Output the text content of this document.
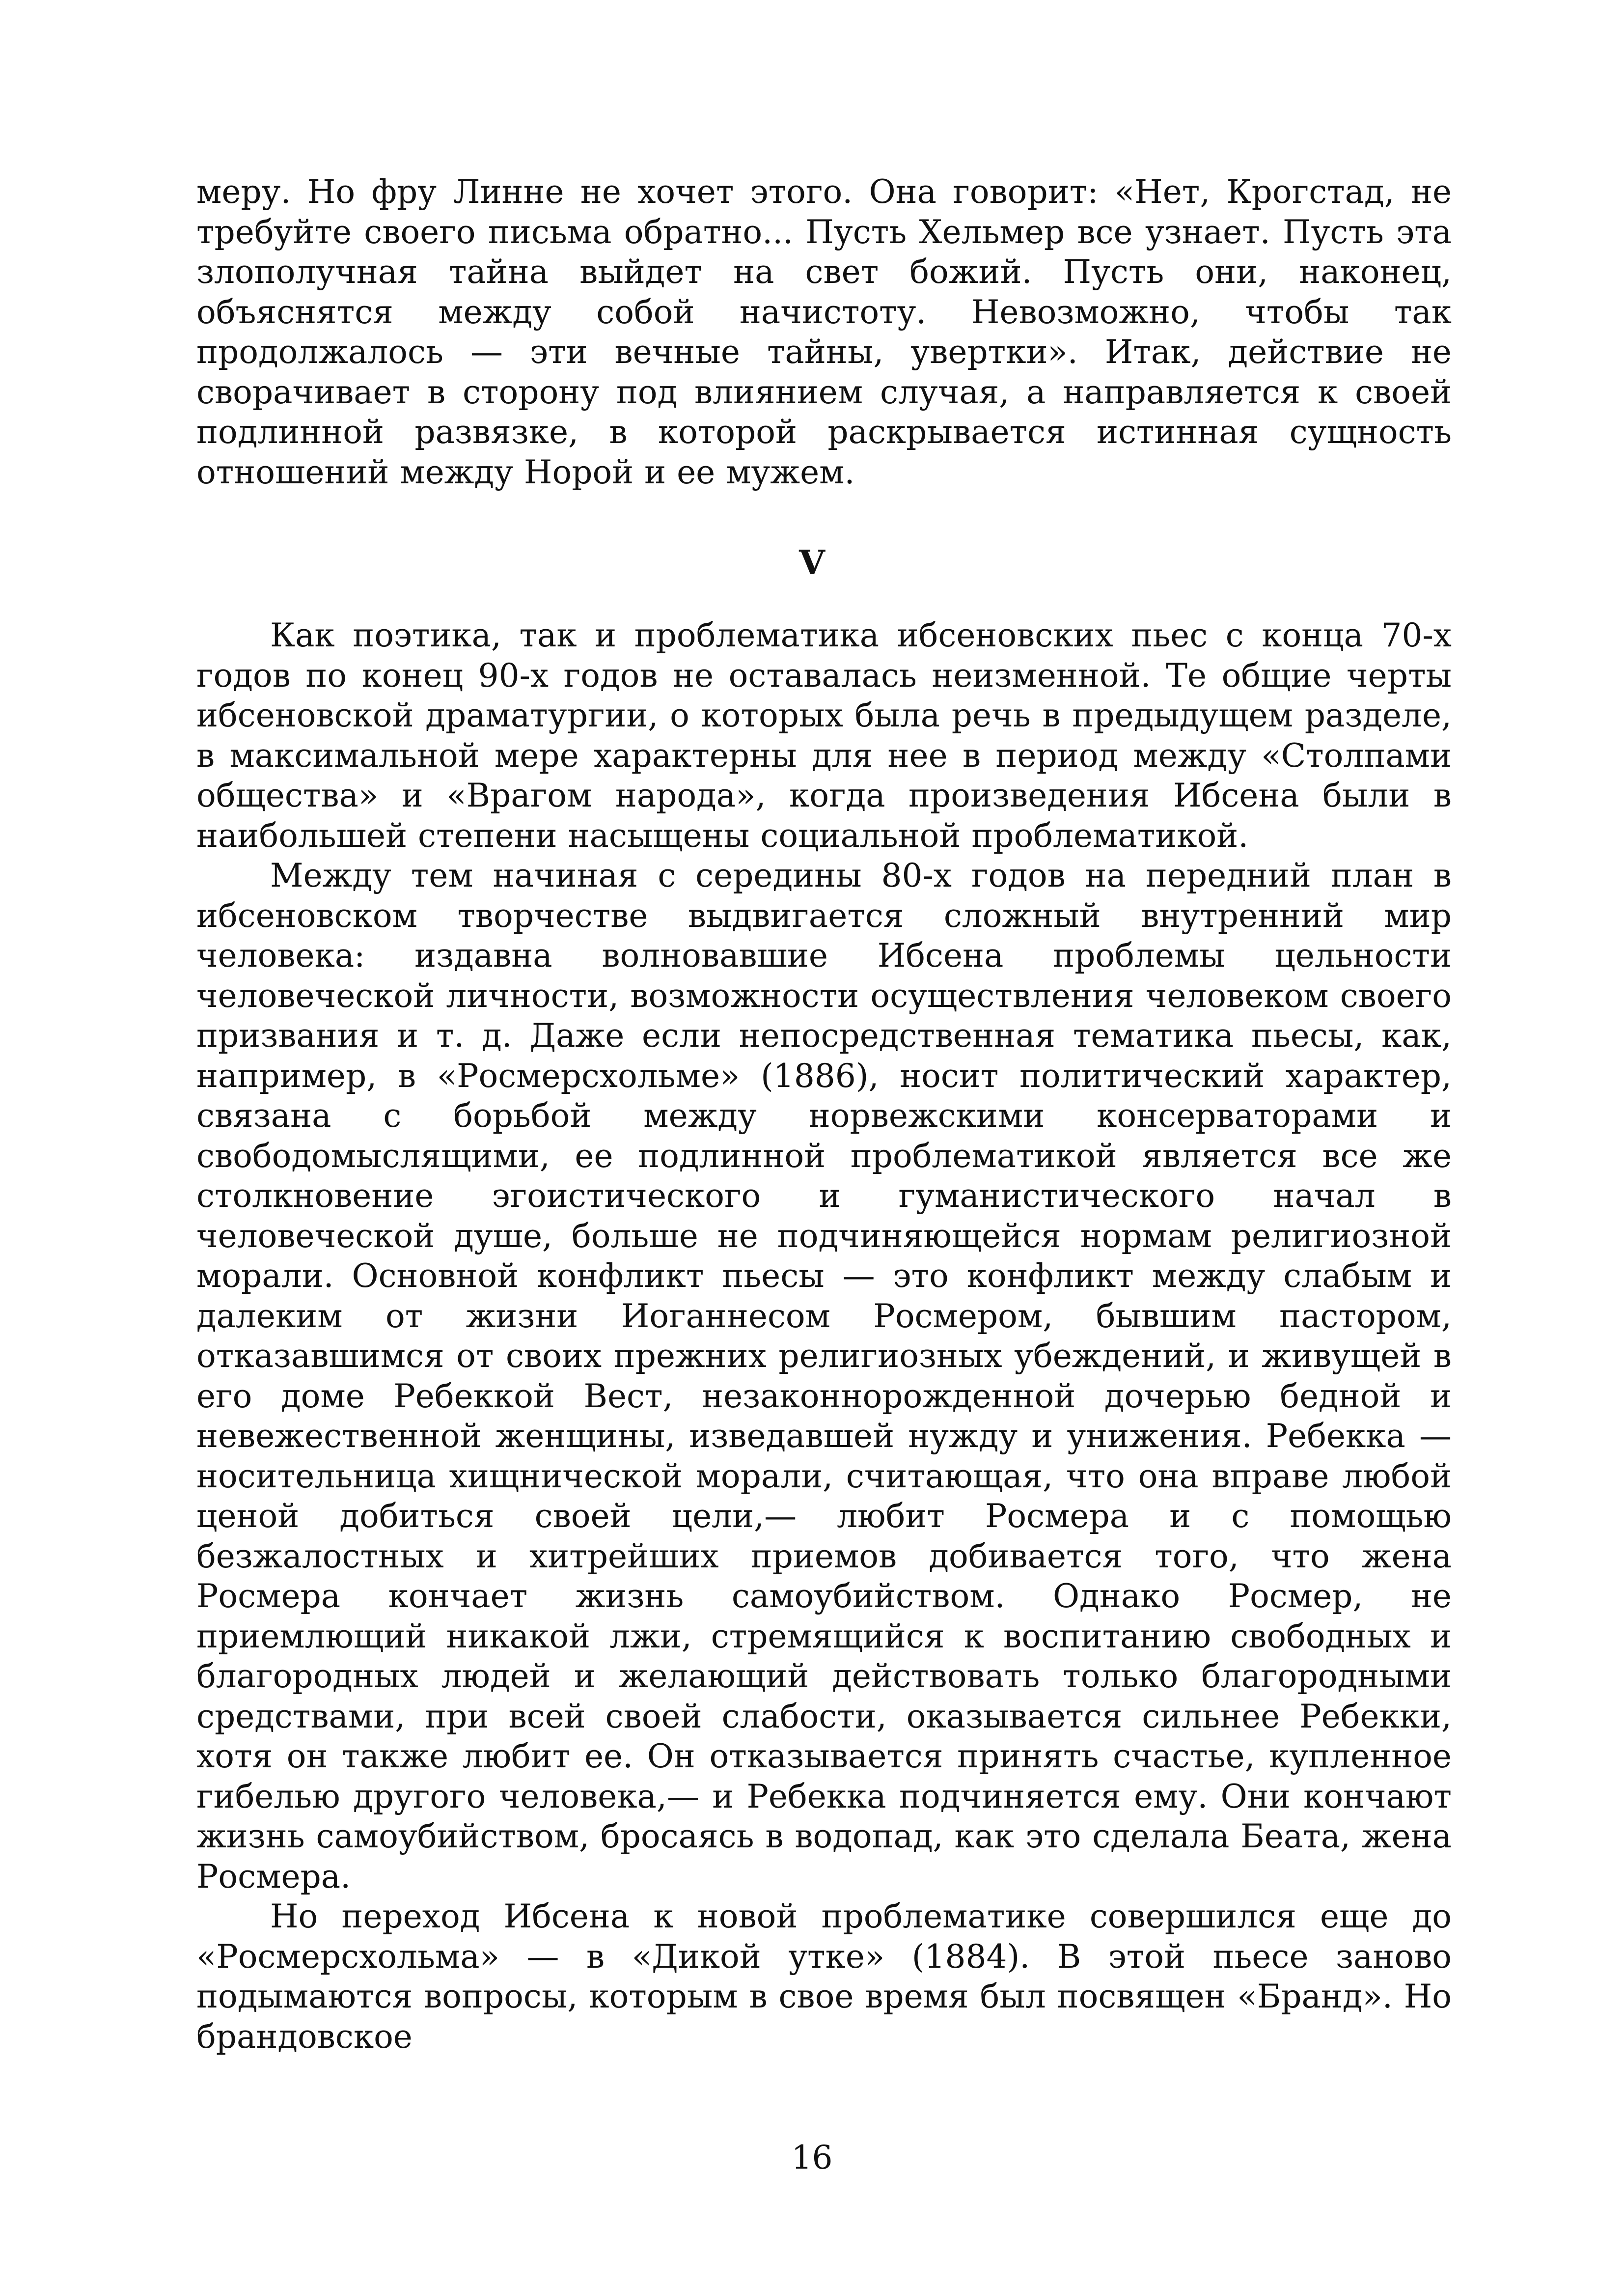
меру. Но фру Линне не хочет этого. Она говорит: «Нет, Крогстад, не требуйте своего письма обратно... Пусть Хельмер все узнает. Пусть эта злополучная тайна выйдет на свет божий. Пусть они, наконец, объяснятся между собой начистоту. Невозможно, чтобы так продолжалось — эти вечные тайны, увертки». Итак, действие не сворачивает в сторону под влиянием случая, а направляется к своей подлинной развязке, в которой раскрывается истинная сущность отношений между Норой и ее мужем.

V

Как поэтика, так и проблематика ибсеновских пьес с конца 70-х годов по конец 90-х годов не оставалась неизменной. Те общие черты ибсеновской драматургии, о которых была речь в предыдущем разделе, в максимальной мере характерны для нее в период между «Столпами общества» и «Врагом народа», когда произведения Ибсена были в наибольшей степени насыщены социальной проблематикой.

Между тем начиная с середины 80-х годов на передний план в ибсеновском творчестве выдвигается сложный внутренний мир человека: издавна волновавшие Ибсена проблемы цельности человеческой личности, возможности осуществления человеком своего призвания и т. д. Даже если непосредственная тематика пьесы, как, например, в «Росмерсхольме» (1886), носит политический характер, связана с борьбой между норвежскими консерваторами и свободомыслящими, ее подлинной проблематикой является все же столкновение эгоистического и гуманистического начал в человеческой душе, больше не подчиняющейся нормам религиозной морали. Основной конфликт пьесы — это конфликт между слабым и далеким от жизни Иоганнесом Росмером, бывшим пастором, отказавшимся от своих прежних религиозных убеждений, и живущей в его доме Ребеккой Вест, незаконнорожденной дочерью бедной и невежественной женщины, изведавшей нужду и унижения. Ребекка — носительница хищнической морали, считающая, что она вправе любой ценой добиться своей цели,— любит Росмера и с помощью безжалостных и хитрейших приемов добивается того, что жена Росмера кончает жизнь самоубийством. Однако Росмер, не приемлющий никакой лжи, стремящийся к воспитанию свободных и благородных людей и желающий действовать только благородными средствами, при всей своей слабости, оказывается сильнее Ребекки, хотя он также любит ее. Он отказывается принять счастье, купленное гибелью другого человека,— и Ребекка подчиняется ему. Они кончают жизнь самоубийством, бросаясь в водопад, как это сделала Беата, жена Росмера.

Но переход Ибсена к новой проблематике совершился еще до «Росмерсхольма» — в «Дикой утке» (1884). В этой пьесе заново подымаются вопросы, которым в свое время был посвящен «Бранд». Но брандовское

16
